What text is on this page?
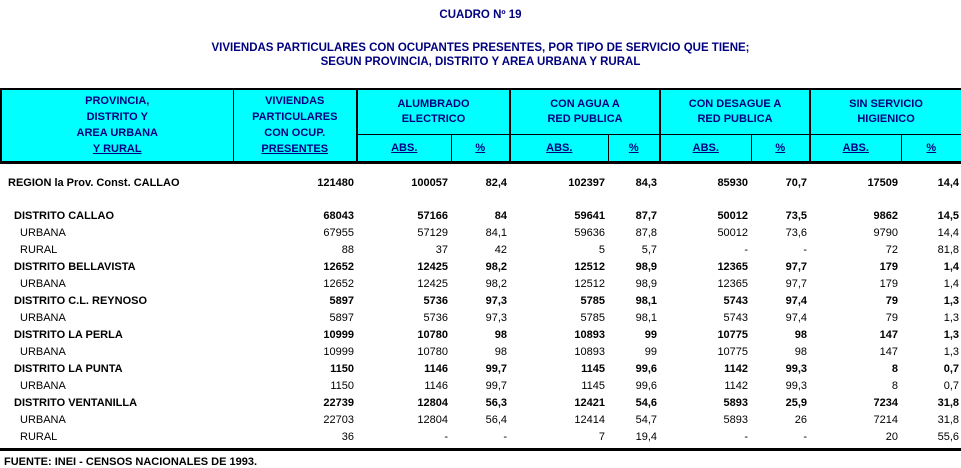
CUADRO Nº 19
VIVIENDAS PARTICULARES CON OCUPANTES PRESENTES, POR TIPO DE SERVICIO QUE TIENE;
SEGUN PROVINCIA, DISTRITO Y AREA URBANA Y RURAL
PROVINCIA,
DISTRITO Y
AREA URBANA
Y RURAL

VIVIENDAS
PARTICULARES
CON OCUP.
PRESENTES

ALUMBRADO
ELECTRICO

CON AGUA A
RED PUBLICA

CON DESAGUE A
RED PUBLICA

SIN SERVICIO
HIGIENICO

		ABS.	%	ABS.	%	ABS.	%	ABS.	%

REGION la Prov. Const. CALLAO	121480	100057	82,4	102397	84,3	85930	70,7	17509	14,4

DISTRITO CALLAO	68043	57166	84	59641	87,7	50012	73,5	9862	14,5
URBANA	67955	57129	84,1	59636	87,8	50012	73,6	9790	14,4
RURAL	88	37	42	5	5,7	-	-	72	81,8
DISTRITO BELLAVISTA	12652	12425	98,2	12512	98,9	12365	97,7	179	1,4
URBANA	12652	12425	98,2	12512	98,9	12365	97,7	179	1,4
DISTRITO C.L. REYNOSO	5897	5736	97,3	5785	98,1	5743	97,4	79	1,3
URBANA	5897	5736	97,3	5785	98,1	5743	97,4	79	1,3
DISTRITO LA PERLA	10999	10780	98	10893	99	10775	98	147	1,3
URBANA	10999	10780	98	10893	99	10775	98	147	1,3
DISTRITO LA PUNTA	1150	1146	99,7	1145	99,6	1142	99,3	8	0,7
URBANA	1150	1146	99,7	1145	99,6	1142	99,3	8	0,7
DISTRITO VENTANILLA	22739	12804	56,3	12421	54,6	5893	25,9	7234	31,8
URBANA	22703	12804	56,4	12414	54,7	5893	26	7214	31,8
RURAL	36	-	-	7	19,4	-	-	20	55,6
FUENTE: INEI - CENSOS NACIONALES DE 1993.
